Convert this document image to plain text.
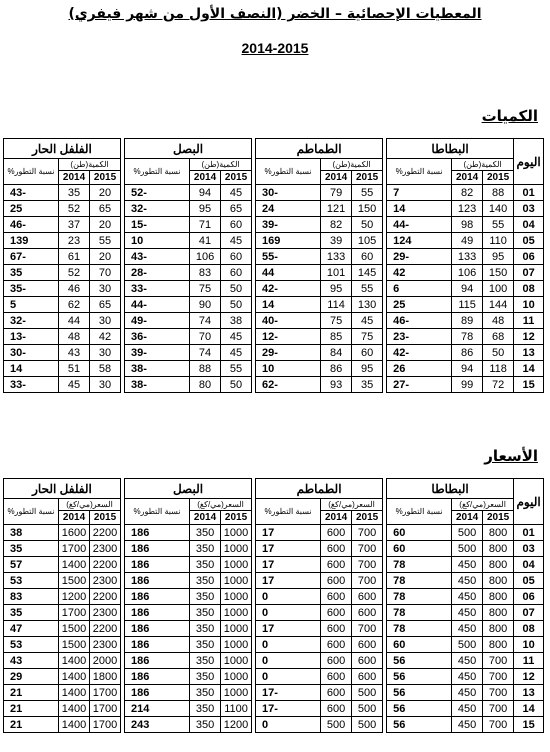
المعطيات الإحصائية – الخضر (النصف الأول من شهر فيفري)
2014-2015
الكميات
اليوم	البطاطا				الطماطم				البصل				الفلفل الحار		
	الكمية(طن)		نسبة التطور%		الكمية(طن)		نسبة التطور%		الكمية(طن)		نسبة التطور%		الكمية(طن)		نسبة التطور%
	2015	2014			2015	2014			2015	2014			2015	2014	
01	88	82	7		55	79	-30		45	94	-52		20	35	-43
03	140	123	14		150	121	24		65	95	-32		65	52	25
04	55	98	-44		50	82	-39		60	71	-15		20	37	-46
05	110	49	124		105	39	169		45	41	10		55	23	139
06	95	133	-29		60	133	-55		60	106	-43		20	61	-67
07	150	106	42		145	101	44		60	83	-28		70	52	35
08	100	94	6		55	95	-42		50	75	-33		30	46	-35
10	144	115	25		130	114	14		50	90	-44		65	62	5
11	48	89	-46		45	75	-40		38	74	-49		30	44	-32
12	68	78	-23		75	85	-12		45	70	-36		42	48	-13
13	50	86	-42		60	84	-29		45	74	-39		30	43	-30
14	118	94	26		95	86	10		55	88	-38		58	51	14
15	72	99	-27		35	93	-62		50	80	-38		30	45	-33
الأسعار
اليوم	البطاطا				الطماطم				البصل				الفلفل الحار		
	السعر(مي/كغ)		نسبة التطور%		السعر(مي/كغ)		نسبة التطور%		السعر(مي/كغ)		نسبة التطور%		السعر(مي/كغ)		نسبة التطور%
	2015	2014			2015	2014			2015	2014			2015	2014	
01	800	500	60		700	600	17		1000	350	186		2200	1600	38
03	800	500	60		700	600	17		1000	350	186		2300	1700	35
04	800	450	78		700	600	17		1000	350	186		2200	1400	57
05	800	450	78		700	600	17		1000	350	186		2300	1500	53
06	800	450	78		600	600	0		1000	350	186		2200	1200	83
07	800	450	78		600	600	0		1000	350	186		2300	1700	35
08	800	450	78		700	600	17		1000	350	186		2200	1500	47
10	800	500	60		600	600	0		1000	350	186		2300	1500	53
11	700	450	56		600	600	0		1000	350	186		2000	1400	43
12	700	450	56		600	600	0		1000	350	186		1800	1400	29
13	700	450	56		500	600	-17		1000	350	186		1700	1400	21
14	700	450	56		500	600	-17		1100	350	214		1700	1400	21
15	700	450	56		500	500	0		1200	350	243		1700	1400	21
